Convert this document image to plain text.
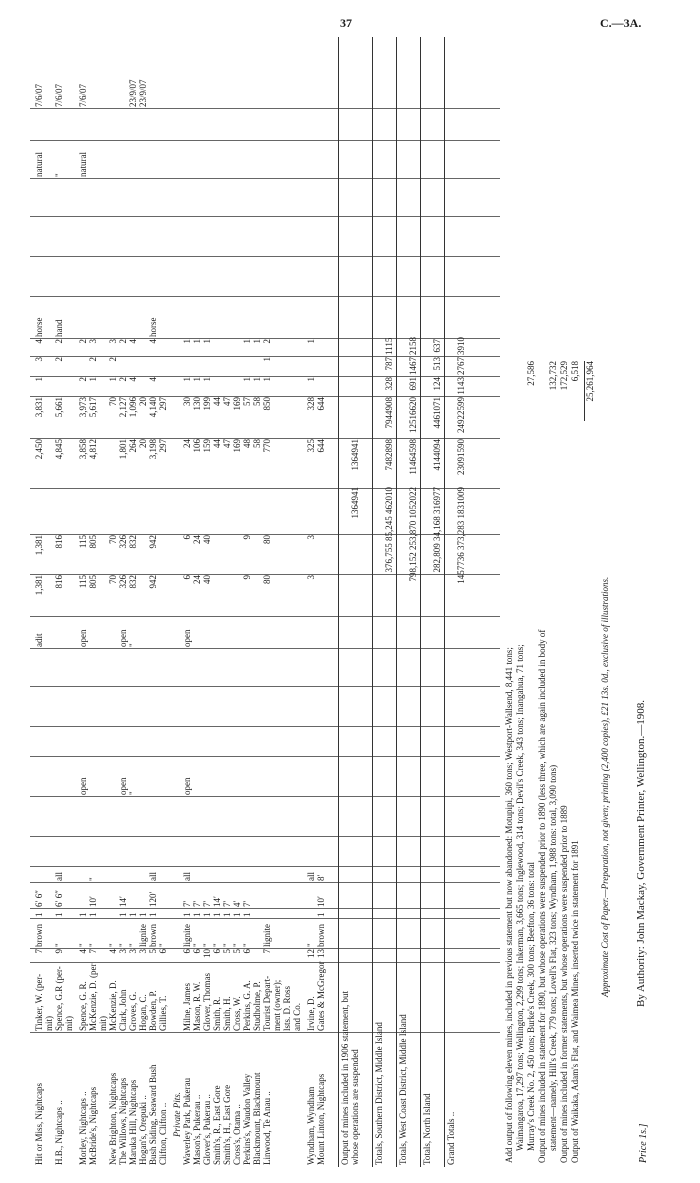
37	C.—3A.
Hit or Miss, Nightcaps
Tinker, W. (per-
7
brown
1
6′ 6″
adit
1,381
1,381
2,450
3,831
1
3
4
horse
natural
7/6/07
mit)
H.B., Nightcaps ..
Spence, G.R (per-
9
"
1
6′ 6″
all
816
816
4,845
5,661
2
2
hand
"
7/6/07
mit)
Morley, Nightcaps ..
Spence, G. R.
4
"
1
open
open
115
115
3,858
3,973
2
2
natural
7/6/07
McBride's, Nightcaps
McKenzie, D. (per
7
"
1
10′
"
805
805
4,812
5,617
1
2
3
mit)
New Brighton, Nightcaps
McKenzie, D.
4
"
70
70
70
1
2
3
The Willows, Nightcaps
Clark, John
3
"
1
14′
open
open
326
326
1,801
2,127
2
2
Maruka Hill, Nightcaps
Groves, G.
3
"
1
"
"
832
832
264
1,096
4
4
23/9/07
Hogan's, Orepuki ..
Hogan, C.
3
lignite
1
20
20
23/9/07
Bush Siding, Seaward Bush
Bowden, P.
5
brown
1
120′
all
942
942
3,198
4,140
4
4
horse
Clifton, Clifton ..
Gillies, T.
6
"
297
297
Private Pits. Waverley Park, Pukerau
Milne, James
6
lignite
1
7′
all
open
open
6
6
24
30
1
1
Mason's, Pukerau ..
Mason, R. W.
6
"
1
7′
24
24
106
130
1
1
Glover's, Pukerau ..
Glover, Thomas
10
"
1
7′
40
40
159
199
1
1
Smith's, R., East Gore
Smith, R.
6
"
1
14′
44
44
Smith's, H., East Gore
Smith, H.
5
"
1
7′
47
47
Cross's, Otama ..
Cross, W.
5
"
1
4′
169
169
Perkins's, Waudon Valley
Perkins, G. A.
6
"
1
7′
9
9
48
57
1
1
Blackmount, Blackmount
Studholme, P.
58
58
1
1
Linwood, Te Anau ..
Tourist Depart-
7
lignite
80
80
770
850
1
1
2
ment (owner); lsts. D. Ross and Co.
Wyndham, Wyndham
Irvine, D.
12
"
all
3
3
325
328
1
1
Mount Linton, Nightcaps
Gates & McGregor
13
brown
1
10′
8′
644
644
Output of mines included in 1906 statement, but whose operations are suspended
1364941
1364941
Totals, Southern District, Middle Island
376,755 85,245 462010
7482898
7944908
328
787
1115
Totals, West Coast District, Middle Island
798,152 253,870 1052022
11464598
12516620
691
1467
2158
Totals, North Island
282,809 34,168 316977
4144094
4461071
124
513
637
Grand Totals ..
1457736 373,283 1831009
23091590
24922599
1143
2767
3910
Add output of following eleven mines, included in previous statement but now abandoned: Motupipi, 360 tons; Westport-Wallsend, 8,441 tons; Waimangaroa, 17,297 tons; Wellington, 2,299 tons; Inkerman, 3,665 tons; Inglewood, 314 tons; Devil's Creek, 343 tons; Inangahua, 71 tons; Murray's Creek No. 2, 450 tons; Burke's Creek, 300 tons; Beefton, 36 tons: total Output of mines included in statement for 1890, but whose operations were suspended prior to 1890 (less three, which are again included in body of statement—namely, Hill's Creek, 779 tons; Lovell's Flat, 323 tons; Wyndham, 1,988 tons: total, 3,090 tons) Output of mines included in former statements, but whose operations were suspended prior to 1889 Output of Waikaka, Adam's Flat, and Waimea Mines, inserted twice in statement for 1891
27,586 132,732 172,529 6,518 25,261,964
Approximate Cost of Paper.—Preparation, not given; printing (2,400 copies), £21 13s. 0d., exclusive of illustrations.
Price 1s.]
By Authority: John Mackay, Government Printer, Wellington.—1908.
